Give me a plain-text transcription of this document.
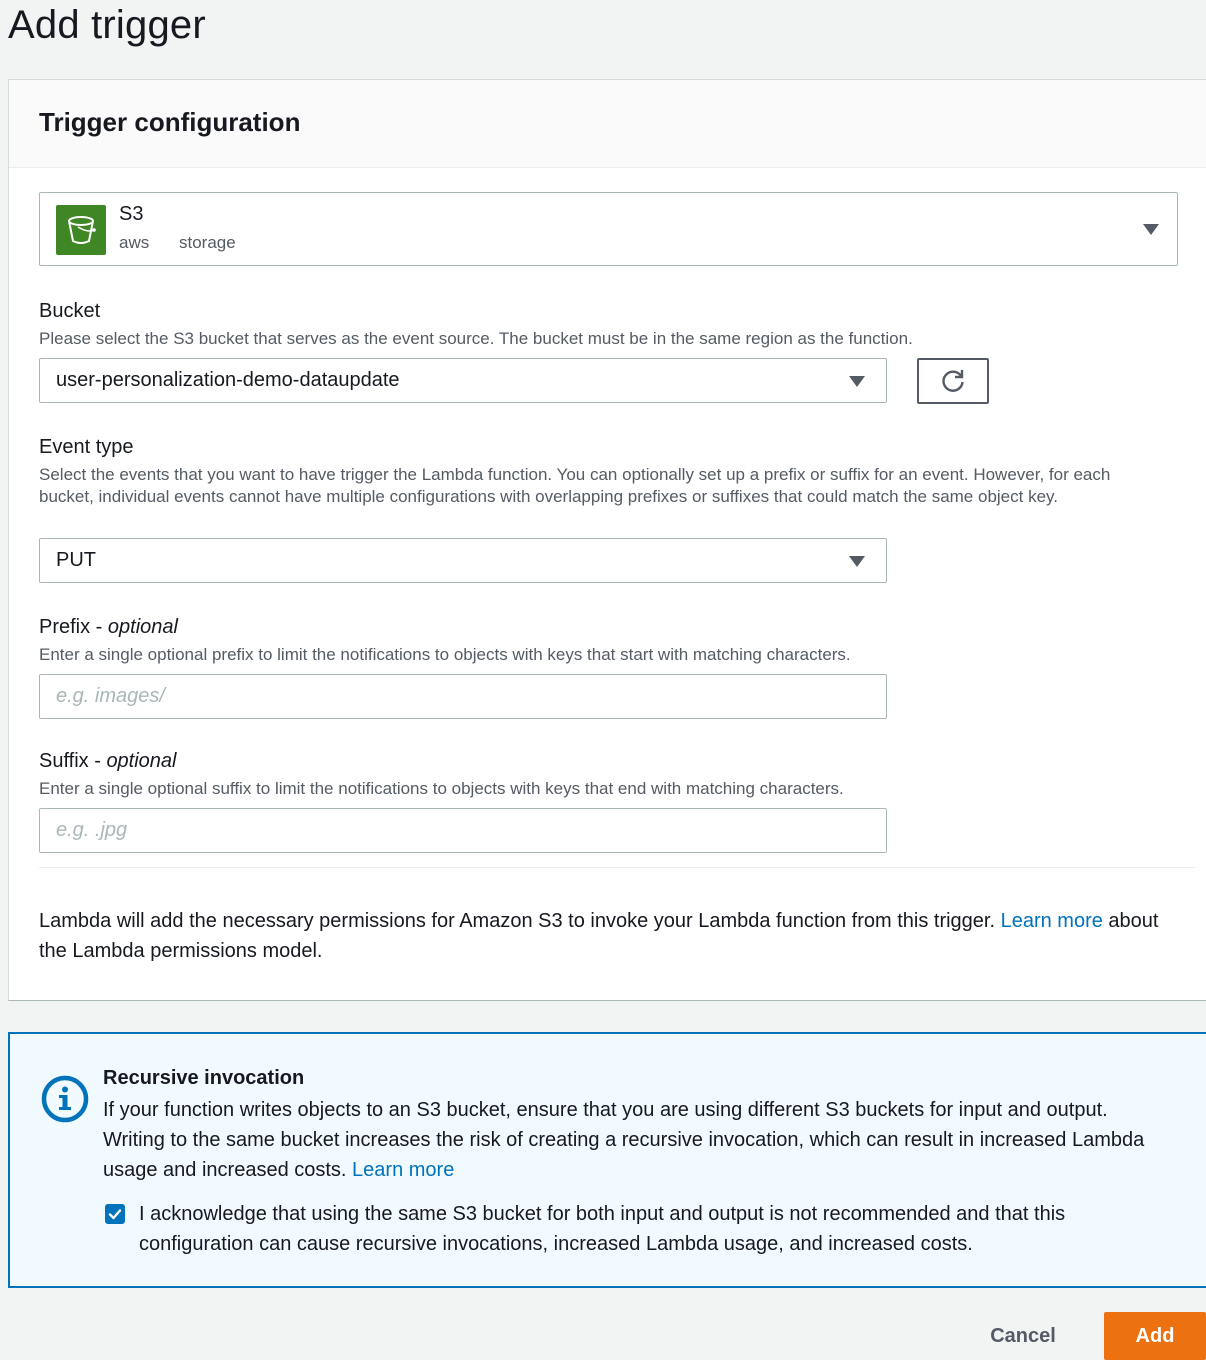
Add trigger
Trigger configuration
S3
aws storage
Bucket
Please select the S3 bucket that serves as the event source. The bucket must be in the same region as the function.
user-personalization-demo-dataupdate
Event type
Select the events that you want to have trigger the Lambda function. You can optionally set up a prefix or suffix for an event. However, for each bucket, individual events cannot have multiple configurations with overlapping prefixes or suffixes that could match the same object key.
PUT
Prefix - optional
Enter a single optional prefix to limit the notifications to objects with keys that start with matching characters.
e.g. images/
Suffix - optional
Enter a single optional suffix to limit the notifications to objects with keys that end with matching characters.
e.g. .jpg
Lambda will add the necessary permissions for Amazon S3 to invoke your Lambda function from this trigger. Learn more about the Lambda permissions model.
Recursive invocation
If your function writes objects to an S3 bucket, ensure that you are using different S3 buckets for input and output. Writing to the same bucket increases the risk of creating a recursive invocation, which can result in increased Lambda usage and increased costs. Learn more
I acknowledge that using the same S3 bucket for both input and output is not recommended and that this configuration can cause recursive invocations, increased Lambda usage, and increased costs.
Cancel	Add
